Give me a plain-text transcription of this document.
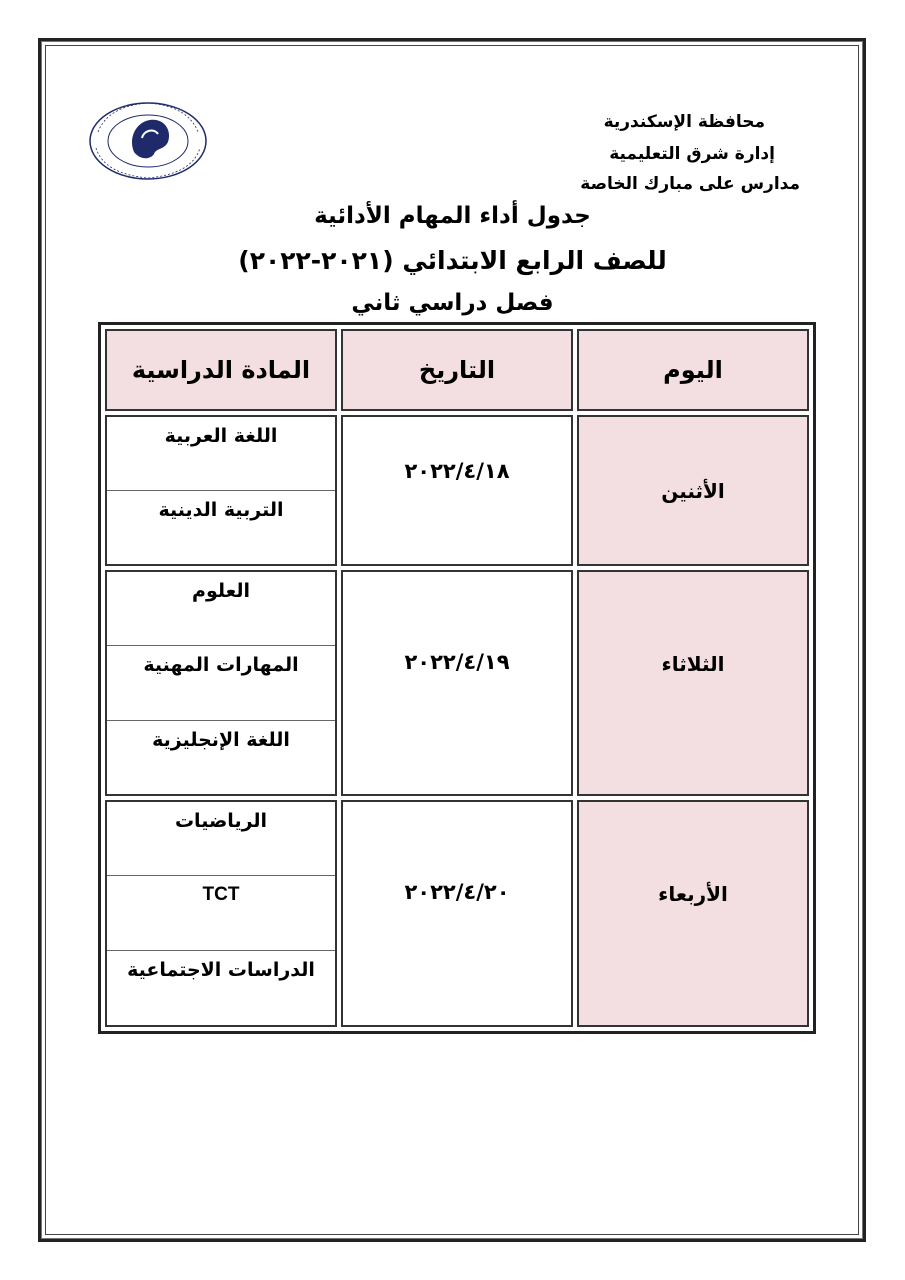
محافظة الإسكندرية
إدارة شرق التعليمية
مدارس على مبارك الخاصة
جدول أداء المهام الأدائية
للصف الرابع الابتدائي (٢٠٢١-٢٠٢٢)
فصل دراسي ثاني
اليوم	التاريخ	المادة الدراسية
الأثنين	٢٠٢٢/٤/١٨	اللغة العربية
التربية الدينية

الثلاثاء	٢٠٢٢/٤/١٩	العلوم
المهارات المهنية
اللغة الإنجليزية

الأربعاء	٢٠٢٢/٤/٢٠	الرياضيات
TCT
الدراسات الاجتماعية
